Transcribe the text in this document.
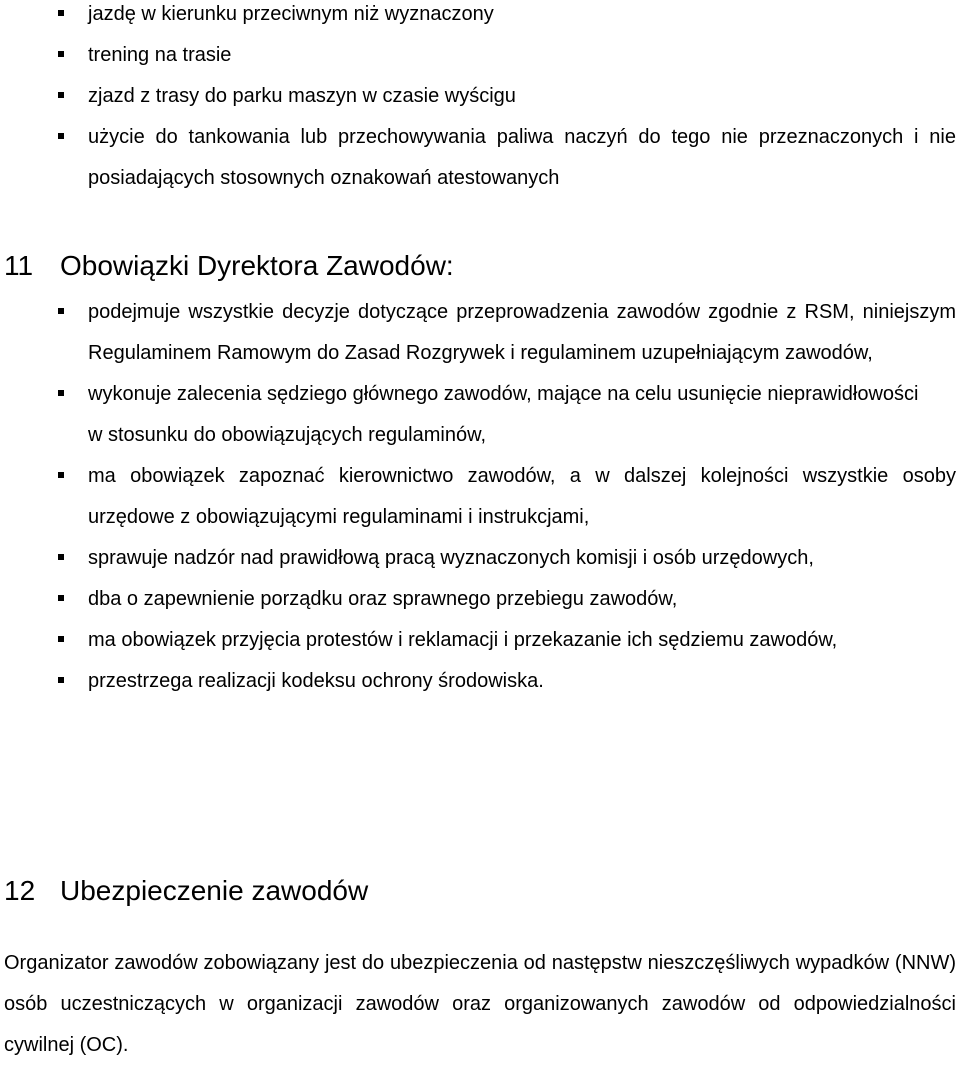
jazdę w kierunku przeciwnym niż wyznaczony
trening na trasie
zjazd z trasy do parku maszyn w czasie wyścigu
użycie do tankowania lub przechowywania paliwa naczyń do tego nie przeznaczonych i nie posiadających stosownych oznakowań atestowanych
11 Obowiązki Dyrektora Zawodów:
podejmuje wszystkie decyzje dotyczące przeprowadzenia zawodów zgodnie z RSM, niniejszym Regulaminem Ramowym do Zasad Rozgrywek i regulaminem uzupełniającym zawodów,
wykonuje zalecenia sędziego głównego zawodów, mające na celu usunięcie nieprawidłowości
w stosunku do obowiązujących regulaminów,
ma obowiązek zapoznać kierownictwo zawodów, a w dalszej kolejności wszystkie osoby urzędowe z obowiązującymi regulaminami i instrukcjami,
sprawuje nadzór nad prawidłową pracą wyznaczonych komisji i osób urzędowych,
dba o zapewnienie porządku oraz sprawnego przebiegu zawodów,
ma obowiązek przyjęcia protestów i reklamacji i przekazanie ich sędziemu zawodów,
przestrzega realizacji kodeksu ochrony środowiska.
12 Ubezpieczenie zawodów

Organizator zawodów zobowiązany jest do ubezpieczenia od następstw nieszczęśliwych wypadków (NNW) osób uczestniczących w organizacji zawodów oraz organizowanych zawodów od odpowiedzialności cywilnej (OC).
